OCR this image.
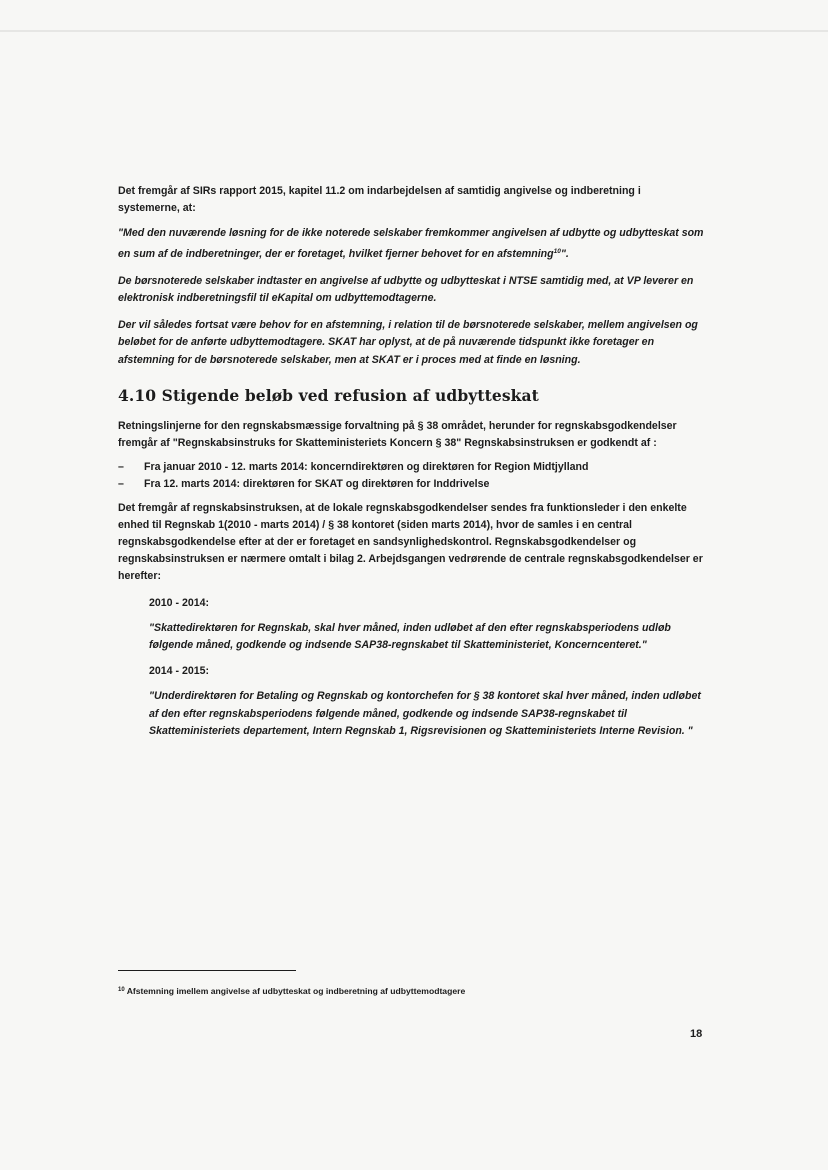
Det fremgår af SIRs rapport 2015, kapitel 11.2 om indarbejdelsen af samtidig angivelse og indberetning i systemerne, at:

"Med den nuværende løsning for de ikke noterede selskaber fremkommer angivelsen af udbytte og udbytteskat som en sum af de indberetninger, der er foretaget, hvilket fjerner behovet for en afstemning$^{10}$".

De børsnoterede selskaber indtaster en angivelse af udbytte og udbytteskat i NTSE samtidig med, at VP leverer en elektronisk indberetningsfil til eKapital om udbyttemodtagerne.

Der vil således fortsat være behov for en afstemning, i relation til de børsnoterede selskaber, mellem angivelsen og beløbet for de anførte udbyttemodtagere. SKAT har oplyst, at de på nuværende tidspunkt ikke foretager en afstemning for de børsnoterede selskaber, men at SKAT er i proces med at finde en løsning.

4.10 Stigende beløb ved refusion af udbytteskat

Retningslinjerne for den regnskabsmæssige forvaltning på § 38 området, herunder for regnskabsgodkendelser fremgår af "Regnskabsinstruks for Skatteministeriets Koncern § 38" Regnskabsinstruksen er godkendt af :

–	Fra januar 2010 - 12. marts 2014: koncerndirektøren og direktøren for Region Midtjylland
–	Fra 12. marts 2014: direktøren for SKAT og direktøren for Inddrivelse

Det fremgår af regnskabsinstruksen, at de lokale regnskabsgodkendelser sendes fra funktionsleder i den enkelte enhed til Regnskab 1(2010 - marts 2014) / § 38 kontoret (siden marts 2014), hvor de samles i en central regnskabsgodkendelse efter at der er foretaget en sandsynlighedskontrol. Regnskabsgodkendelser og regnskabsinstruksen er nærmere omtalt i bilag 2. Arbejdsgangen vedrørende de centrale regnskabsgodkendelser er herefter:

2010 - 2014:

"Skattedirektøren for Regnskab, skal hver måned, inden udløbet af den efter regnskabsperiodens udløb følgende måned, godkende og indsende SAP38-regnskabet til Skatteministeriet, Koncerncenteret."

2014 - 2015:

"Underdirektøren for Betaling og Regnskab og kontorchefen for § 38 kontoret skal hver måned, inden udløbet af den efter regnskabsperiodens følgende måned, godkende og indsende SAP38-regnskabet til Skatteministeriets departement, Intern Regnskab 1, Rigsrevisionen og Skatteministeriets Interne Revision. "

$^{10}$ Afstemning imellem angivelse af udbytteskat og indberetning af udbyttemodtagere
18
